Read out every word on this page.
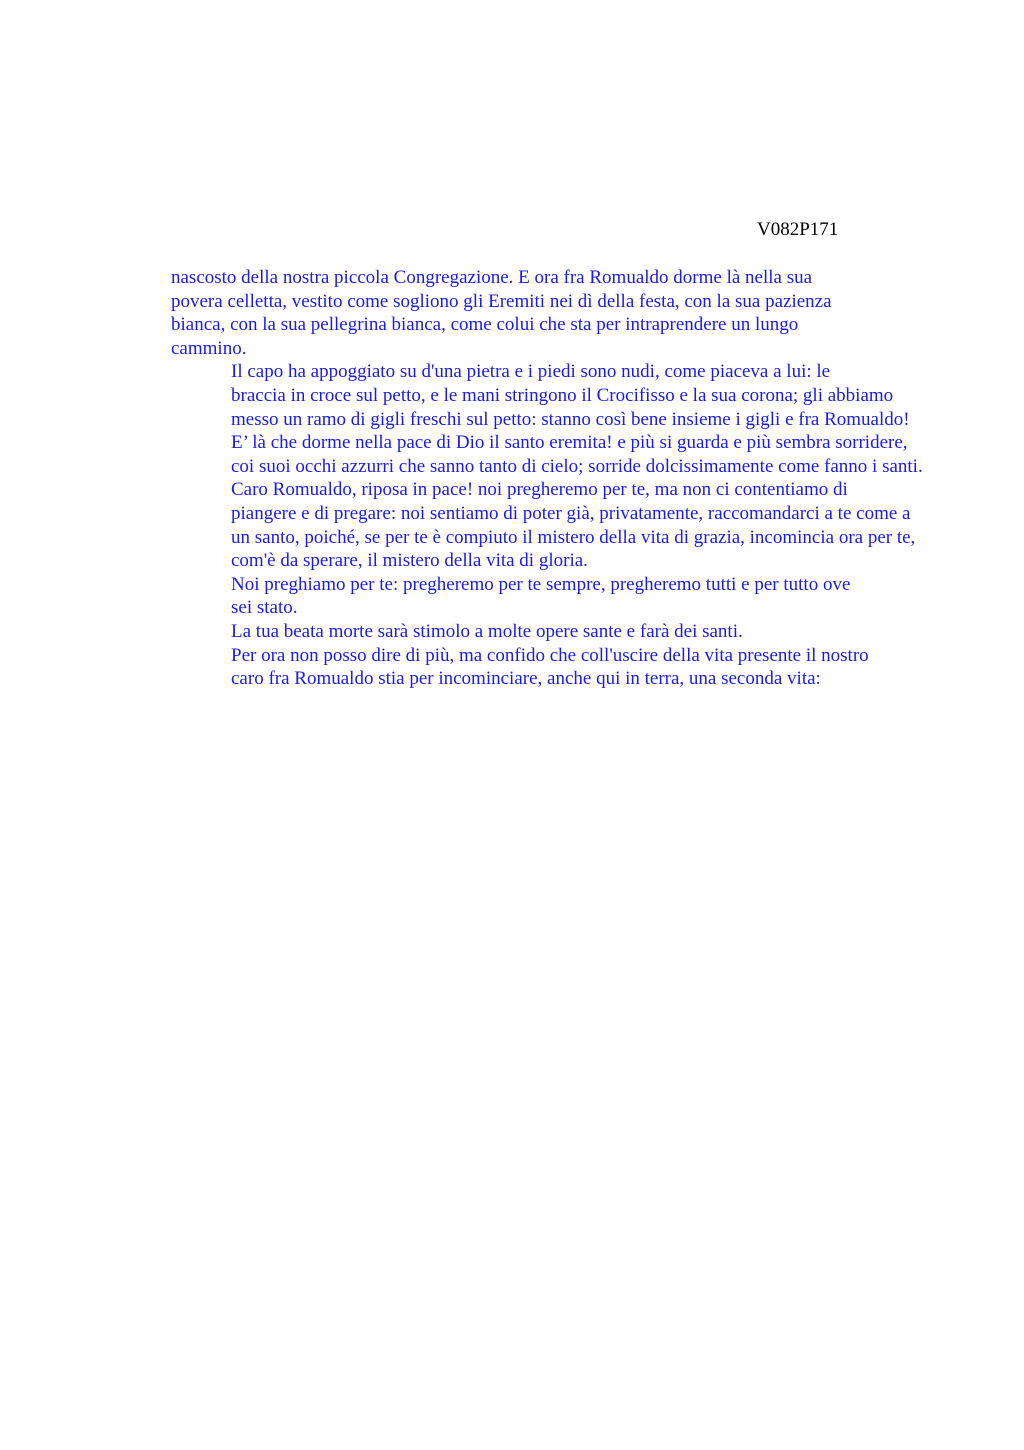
V082P171
nascosto della nostra piccola Congregazione. E ora fra Romualdo dorme là nella sua
povera celletta, vestito come sogliono gli Eremiti nei dì della festa, con la sua pazienza
bianca, con la sua pellegrina bianca, come colui che sta per intraprendere un lungo
cammino.
Il capo ha appoggiato su d'una pietra e i piedi sono nudi, come piaceva a lui: le
braccia in croce sul petto, e le mani stringono il Crocifisso e la sua corona; gli abbiamo
messo un ramo di gigli freschi sul petto: stanno così bene insieme i gigli e fra Romualdo!
E’ là che dorme nella pace di Dio il santo eremita! e più si guarda e più sembra sorridere,
coi suoi occhi azzurri che sanno tanto di cielo; sorride dolcissimamente come fanno i santi.
Caro Romualdo, riposa in pace! noi pregheremo per te, ma non ci contentiamo di
piangere e di pregare: noi sentiamo di poter già, privatamente, raccomandarci a te come a
un santo, poiché, se per te è compiuto il mistero della vita di grazia, incomincia ora per te,
com'è da sperare, il mistero della vita di gloria.
Noi preghiamo per te: pregheremo per te sempre, pregheremo tutti e per tutto ove
sei stato.
La tua beata morte sarà stimolo a molte opere sante e farà dei santi.
Per ora non posso dire di più, ma confido che coll'uscire della vita presente il nostro
caro fra Romualdo stia per incominciare, anche qui in terra, una seconda vita:
